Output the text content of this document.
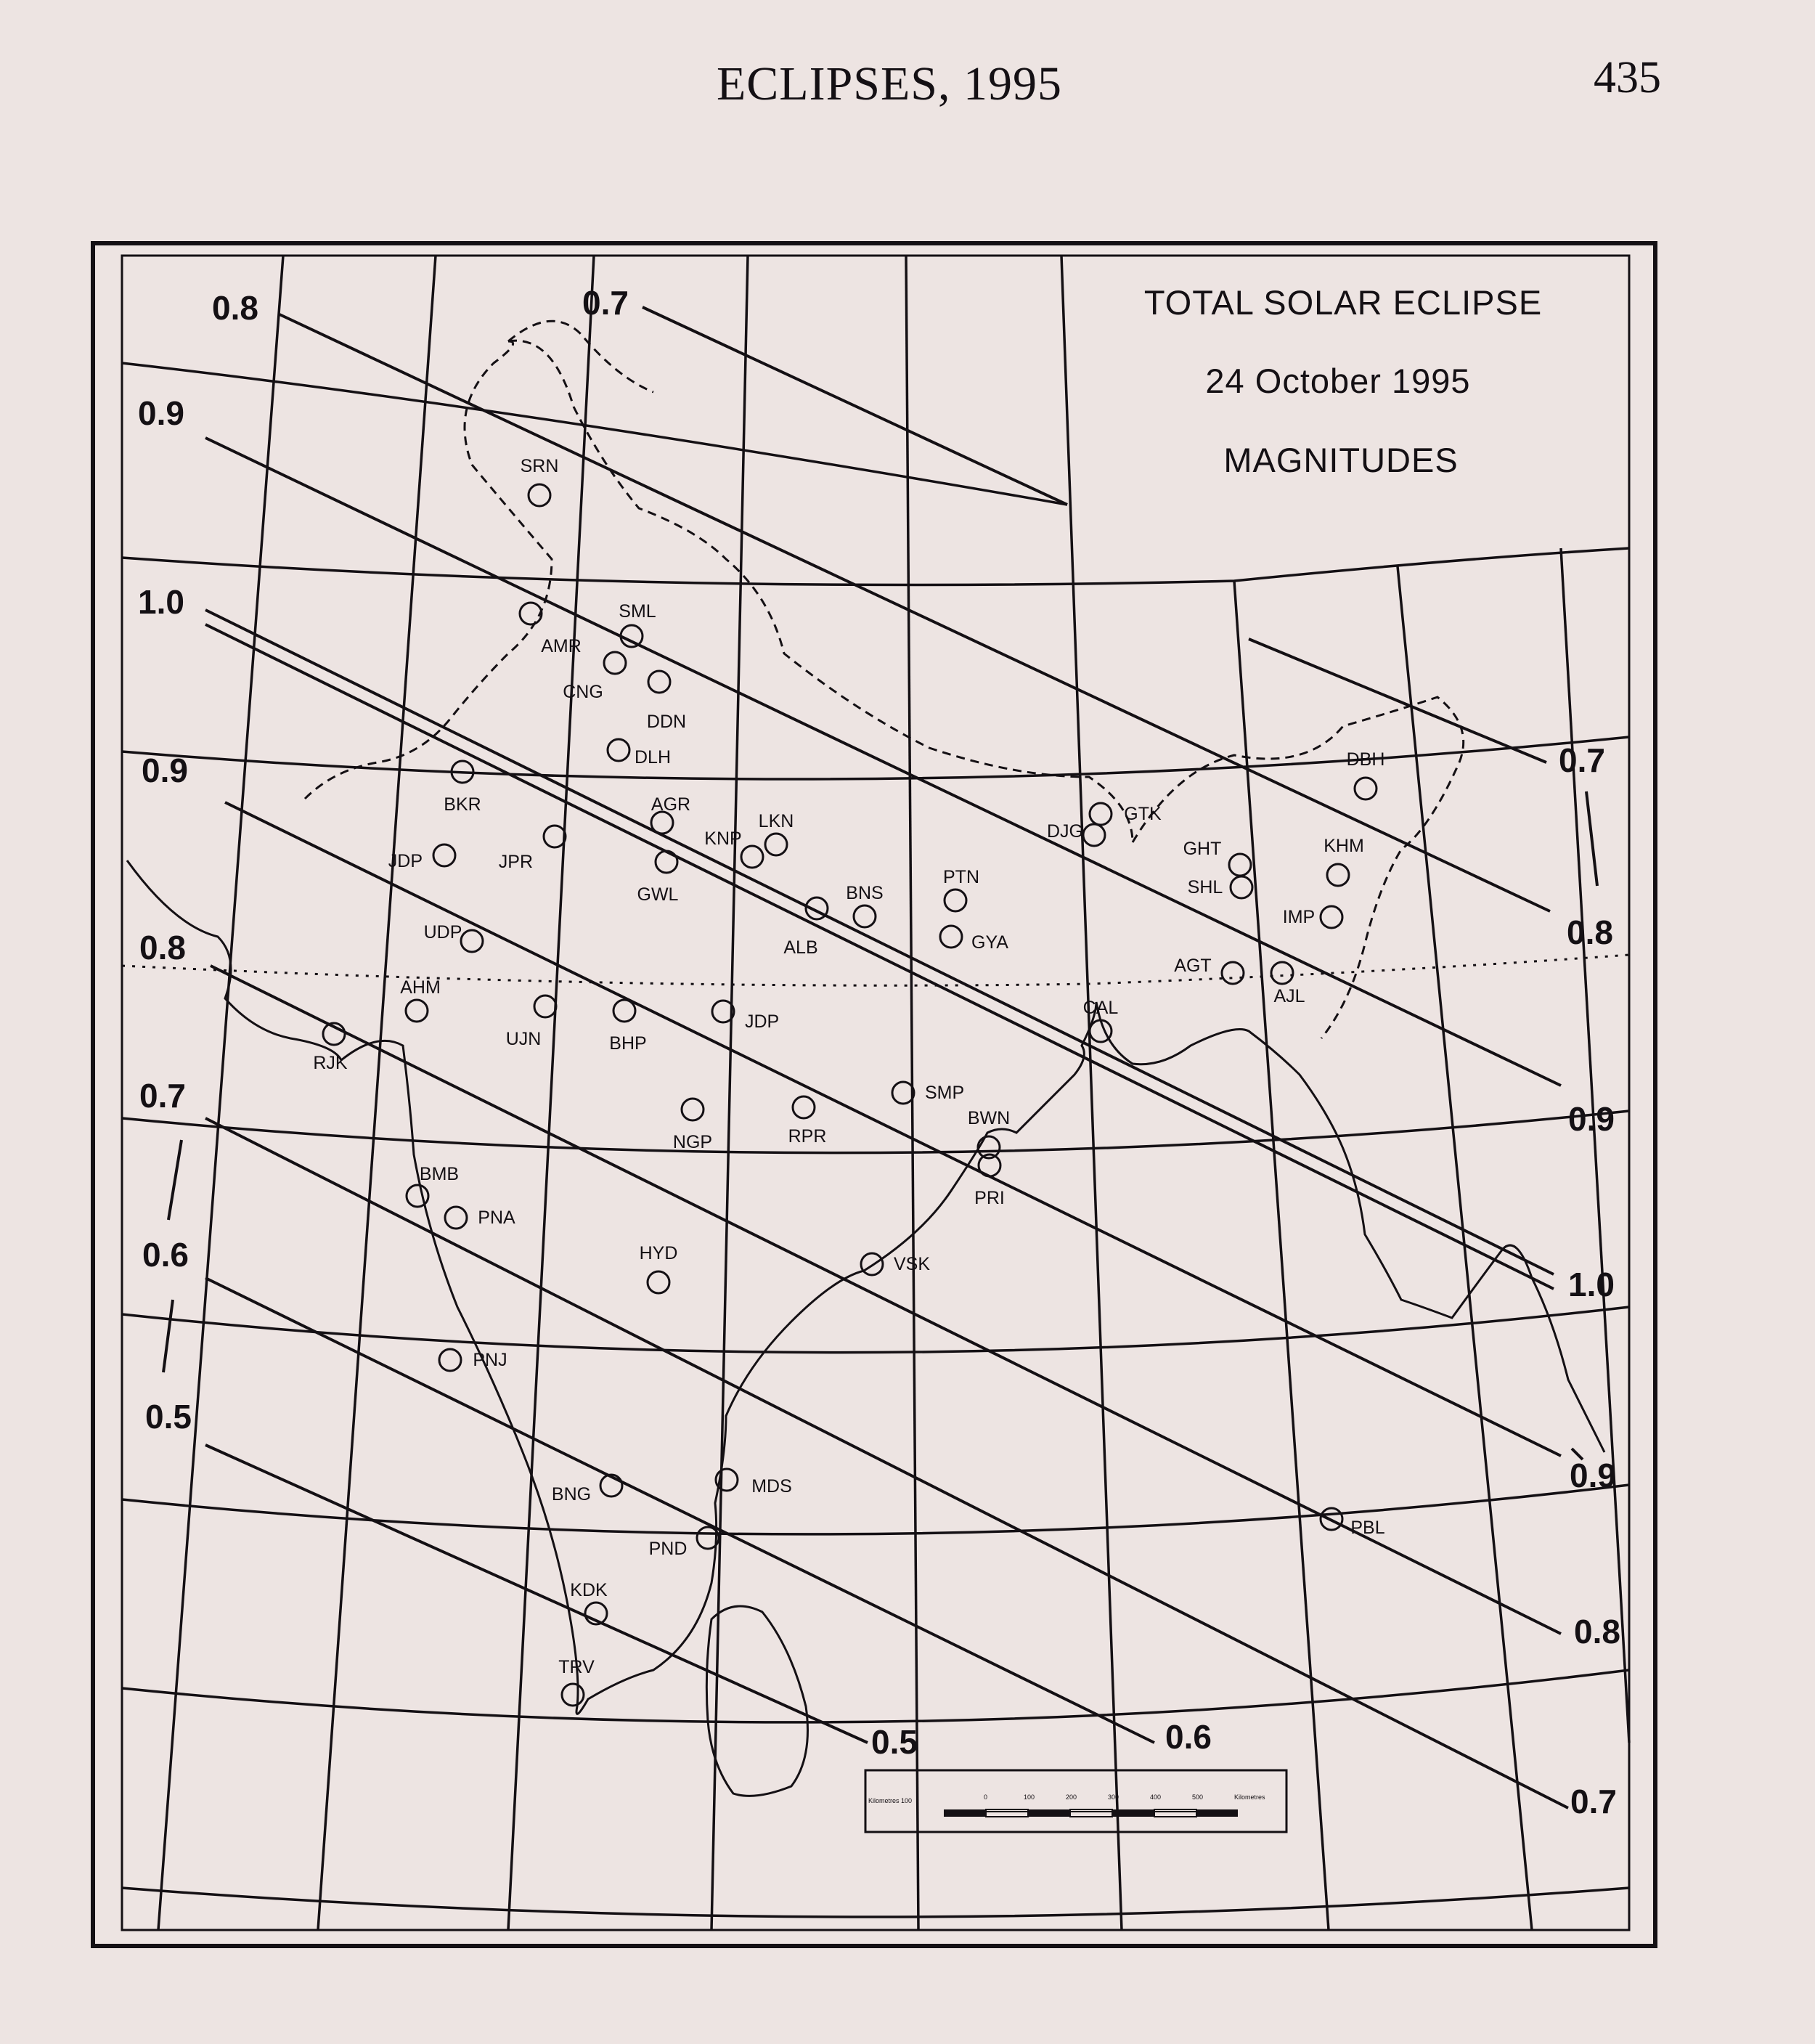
ECLIPSES, 1995	435
TOTAL SOLAR ECLIPSE
24 October 1995
MAGNITUDES
0.8	0.7
0.9
1.0
0.9
0.8
0.7
0.6
0.5
0.7
0.8
0.9
1.0
0.9
0.8
0.7
0.5	0.6
SRN
SML
AMR
CNG
DDN
DLH
BKR	AGR
LKN
KNP
JDP	JPR
GWL	BNS
PTN
ALB	GYA
UDP
AHM
UJN	BHP
JDP
RJK
NGP	RPR
SMP
BWN
PRI
CAL
DJG
GTK
DBH
GHT
SHL
KHM
IMP
AGT
AJL
BMB
PNA
HYD
VSK
PNJ
BNG	MDS
PND
KDK
TRV
PBL
Kilometres 100	0	100	200	300	400	500	Kilometres
